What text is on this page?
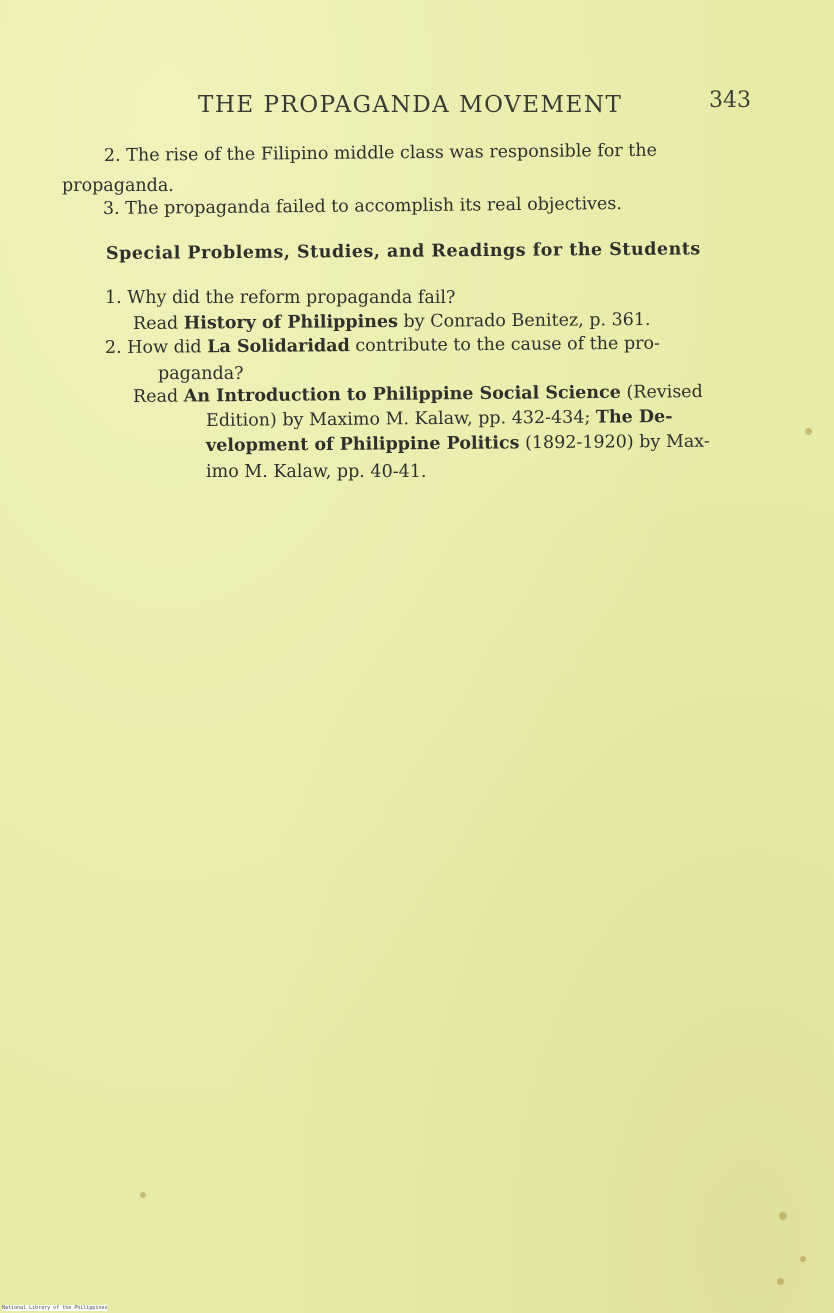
THE PROPAGANDA MOVEMENT	343
2. The rise of the Filipino middle class was responsible for the
propaganda.
3. The propaganda failed to accomplish its real objectives.
Special Problems, Studies, and Readings for the Students
1. Why did the reform propaganda fail?
Read History of Philippines by Conrado Benitez, p. 361.
2. How did La Solidaridad contribute to the cause of the pro-
paganda?
Read An Introduction to Philippine Social Science (Revised
Edition) by Maximo M. Kalaw, pp. 432-434; The De-
velopment of Philippine Politics (1892-1920) by Max-
imo M. Kalaw, pp. 40-41.
National Library of the Philippines
